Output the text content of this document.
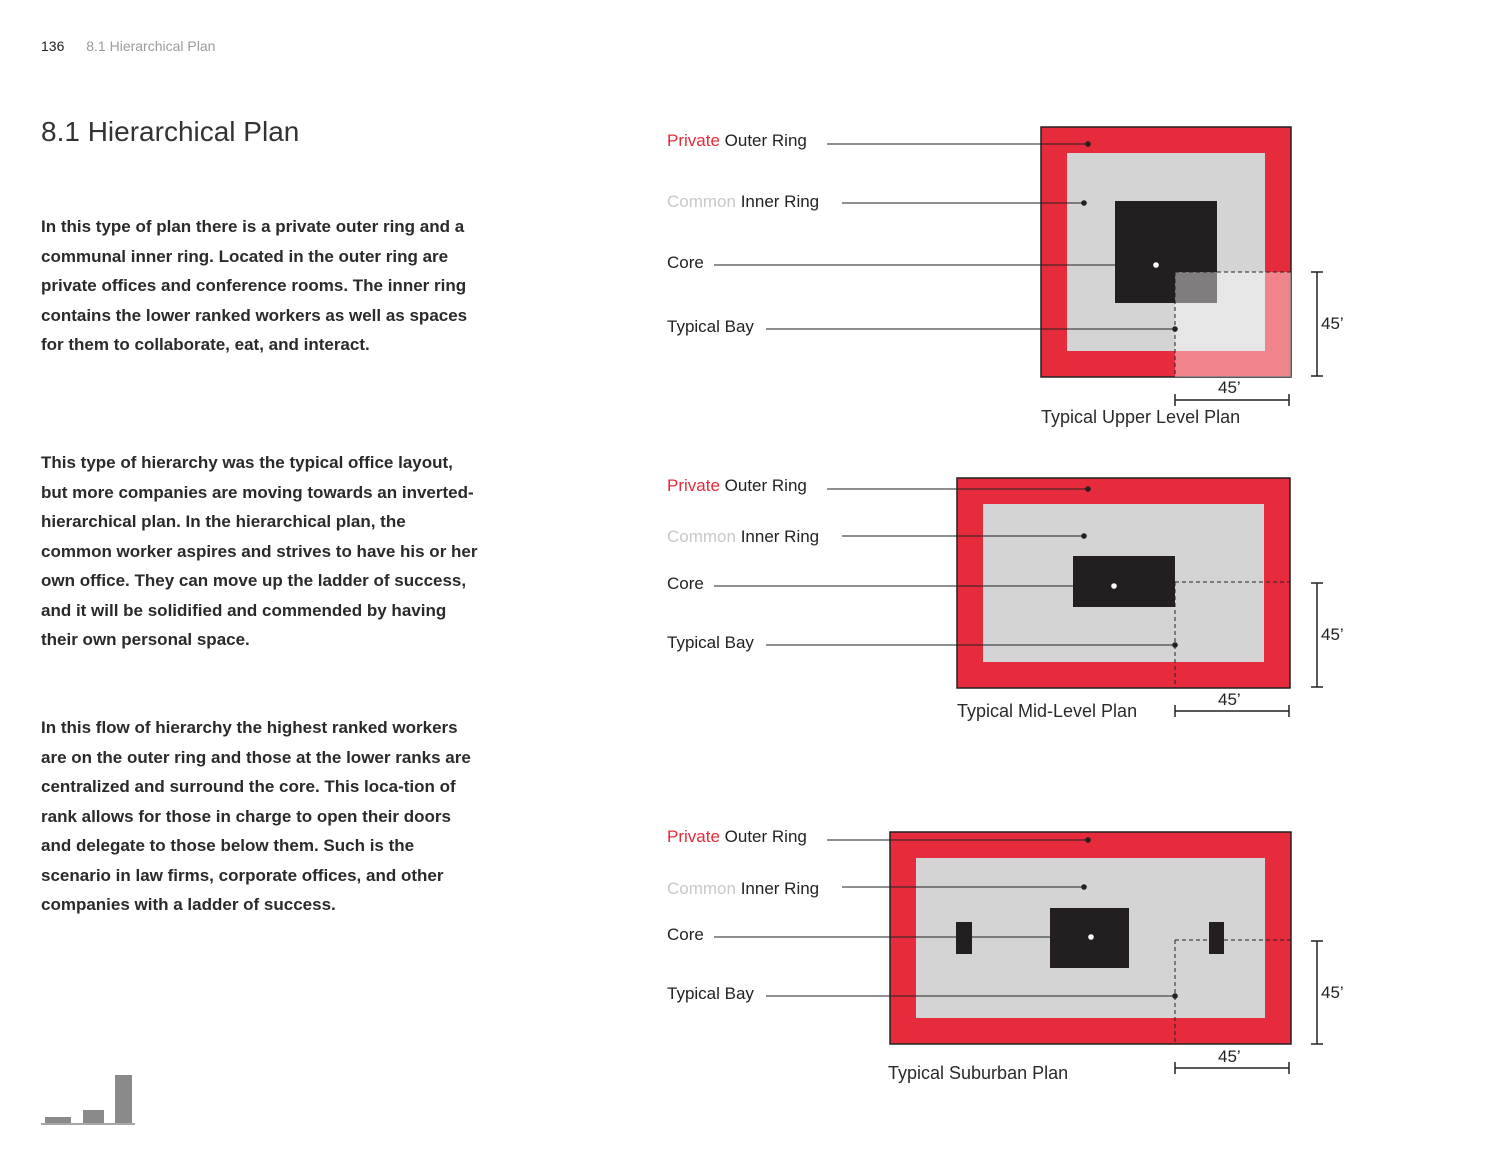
136 8.1 Hierarchical Plan
8.1 Hierarchical Plan

In this type of plan there is a private outer ring and a communal inner ring. Located in the outer ring are private offices and conference rooms. The inner ring contains the lower ranked workers as well as spaces for them to collaborate, eat, and interact.

This type of hierarchy was the typical office layout, but more companies are moving towards an inverted- hierarchical plan. In the hierarchical plan, the common worker aspires and strives to have his or her own office. They can move up the ladder of success, and it will be solidified and commended by having their own personal space.

In this flow of hierarchy the highest ranked workers are on the outer ring and those at the lower ranks are centralized and surround the core. This loca-tion of rank allows for those in charge to open their doors and delegate to those below them. Such is the scenario in law firms, corporate offices, and other companies with a ladder of success.

Private Outer Ring
Common Inner Ring
Core
Typical Bay	45’
45’
Typical Upper Level Plan
Private Outer Ring
Common Inner Ring
Core
Typical Bay	45’
45’
Typical Mid-Level Plan
Private Outer Ring
Common Inner Ring
Core
Typical Bay	45’
45’
Typical Suburban Plan
